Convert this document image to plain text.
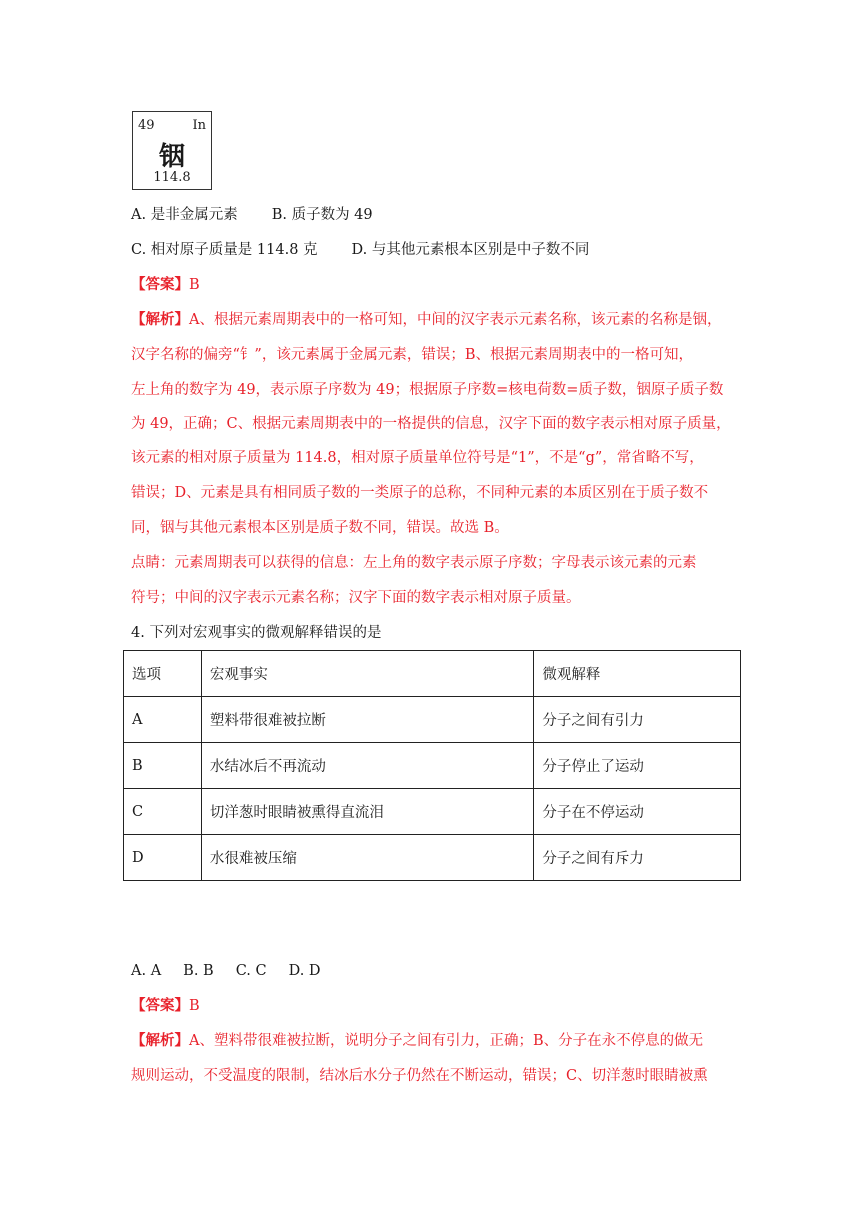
49	In
铟
114.8
A. 是非金属元素 B. 质子数为 49
C. 相对原子质量是 114.8 克 D. 与其他元素根本区别是中子数不同
【答案】B
【解析】A、根据元素周期表中的一格可知，中间的汉字表示元素名称，该元素的名称是铟，
汉字名称的偏旁“钅”，该元素属于金属元素，错误；B、根据元素周期表中的一格可知，
左上角的数字为 49，表示原子序数为 49；根据原子序数=核电荷数=质子数，铟原子质子数
为 49，正确；C、根据元素周期表中的一格提供的信息，汉字下面的数字表示相对原子质量，
该元素的相对原子质量为 114.8，相对原子质量单位符号是“1”，不是“g”，常省略不写，
错误；D、元素是具有相同质子数的一类原子的总称，不同种元素的本质区别在于质子数不
同，铟与其他元素根本区别是质子数不同，错误。故选 B。
点睛：元素周期表可以获得的信息：左上角的数字表示原子序数；字母表示该元素的元素
符号；中间的汉字表示元素名称；汉字下面的数字表示相对原子质量。
4. 下列对宏观事实的微观解释错误的是
选项	宏观事实	微观解释
A	塑料带很难被拉断	分子之间有引力
B	水结冰后不再流动	分子停止了运动
C	切洋葱时眼睛被熏得直流泪	分子在不停运动
D	水很难被压缩	分子之间有斥力
A. A B. B C. C D. D
【答案】B
【解析】A、塑料带很难被拉断，说明分子之间有引力，正确；B、分子在永不停息的做无
规则运动，不受温度的限制，结冰后水分子仍然在不断运动，错误；C、切洋葱时眼睛被熏
